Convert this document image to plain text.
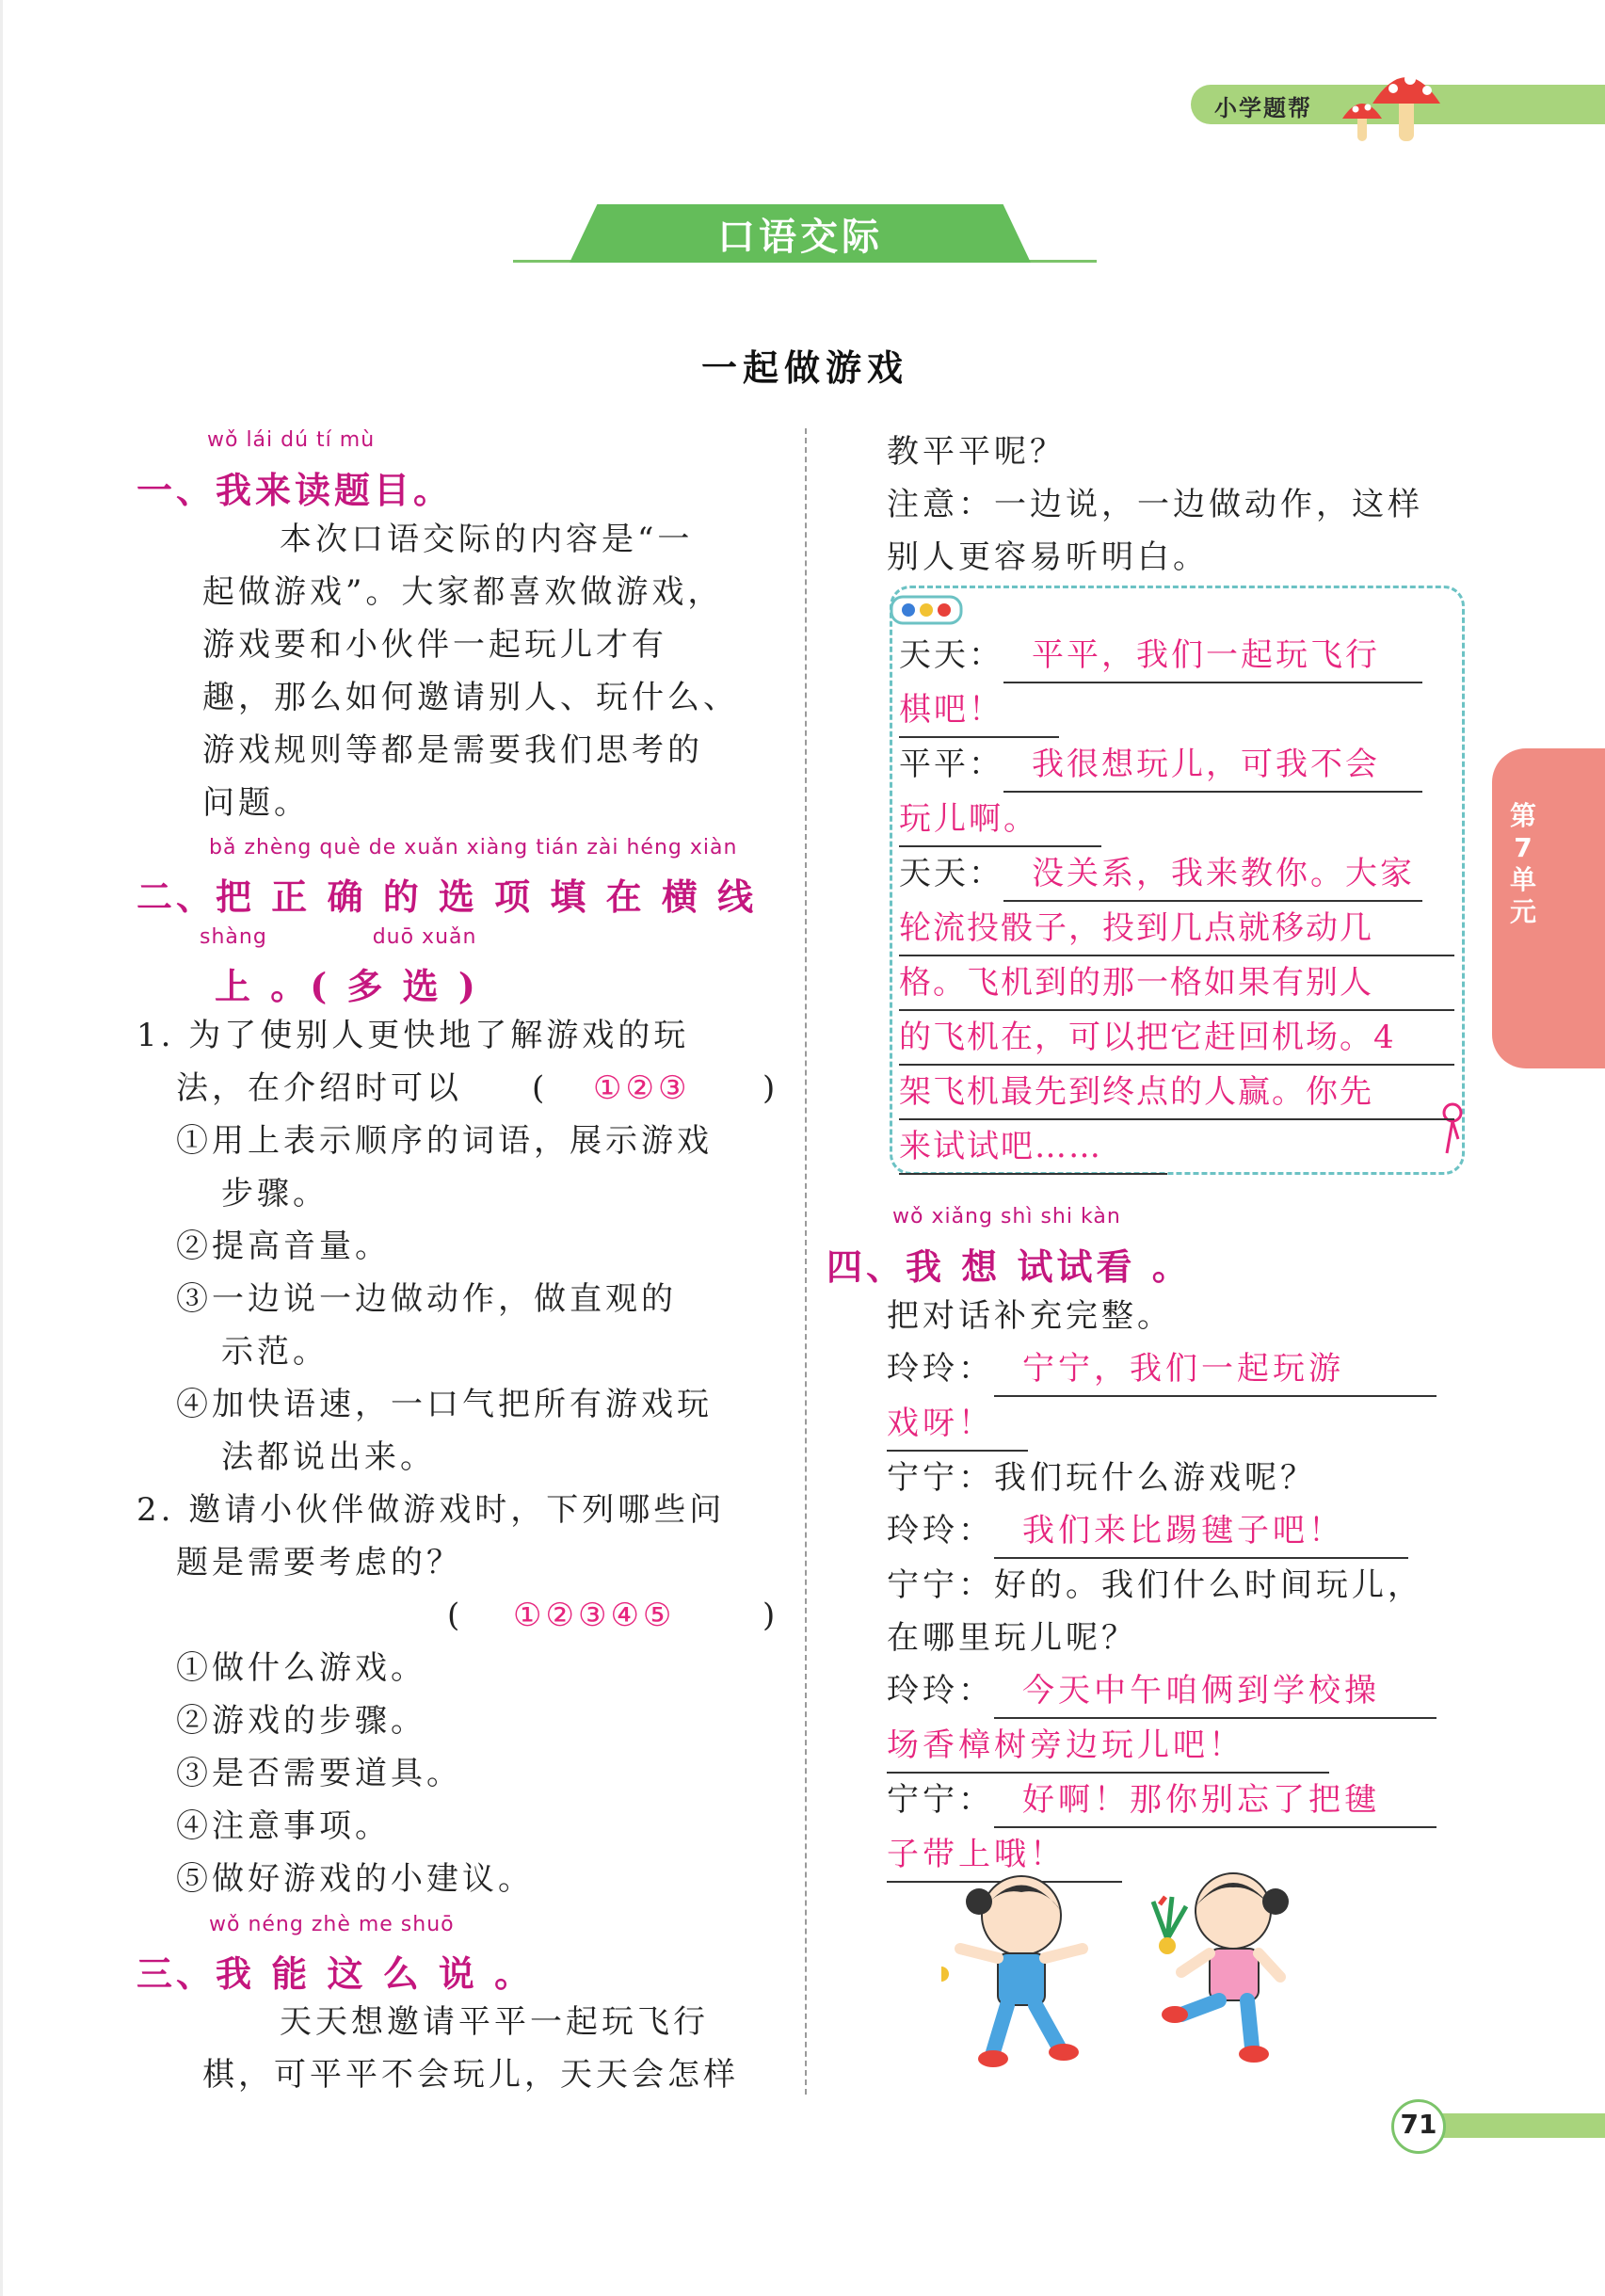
小学题帮
口语交际
一起做游戏
wǒ lái dú tí mù
一、我来读题目。
本次口语交际的内容是“一
起做游戏”。大家都喜欢做游戏，
游戏要和小伙伴一起玩儿才有
趣，那么如何邀请别人、玩什么、
游戏规则等都是需要我们思考的
问题。
bǎ zhèng què de xuǎn xiàng tián zài héng xiàn
二、把 正 确 的 选 项 填 在 横 线
shàng              duō xuǎn
上 。( 多 选 )
1. 为了使别人更快地了解游戏的玩
法，在介绍时可以 ( ①②③ )
①用上表示顺序的词语，展示游戏
步骤。
②提高音量。
③一边说一边做动作，做直观的
示范。
④加快语速，一口气把所有游戏玩
法都说出来。
2. 邀请小伙伴做游戏时，下列哪些问
题是需要考虑的？
( ①②③④⑤	)
①做什么游戏。
②游戏的步骤。
③是否需要道具。
④注意事项。
⑤做好游戏的小建议。
wǒ néng zhè me shuō
三、我 能 这 么 说 。
天天想邀请平平一起玩飞行
棋，可平平不会玩儿，天天会怎样
教平平呢？
注意：一边说，一边做动作，这样
别人更容易听明白。
天天： 平平，我们一起玩飞行
棋吧！
平平： 我很想玩儿，可我不会
玩儿啊。
天天： 没关系，我来教你。大家
轮流投骰子，投到几点就移动几
格。飞机到的那一格如果有别人
的飞机在，可以把它赶回机场。4
架飞机最先到终点的人赢。你先
来试试吧……
wǒ xiǎng shì shi kàn
四、我 想 试试看 。
把对话补充完整。
玲玲： 宁宁，我们一起玩游
戏呀！
宁宁：我们玩什么游戏呢？
玲玲： 我们来比踢毽子吧！
宁宁：好的。我们什么时间玩儿，
在哪里玩儿呢？
玲玲： 今天中午咱俩到学校操
场香樟树旁边玩儿吧！
宁宁： 好啊！那你别忘了把毽
子带上哦！
第
7
单
元
71
